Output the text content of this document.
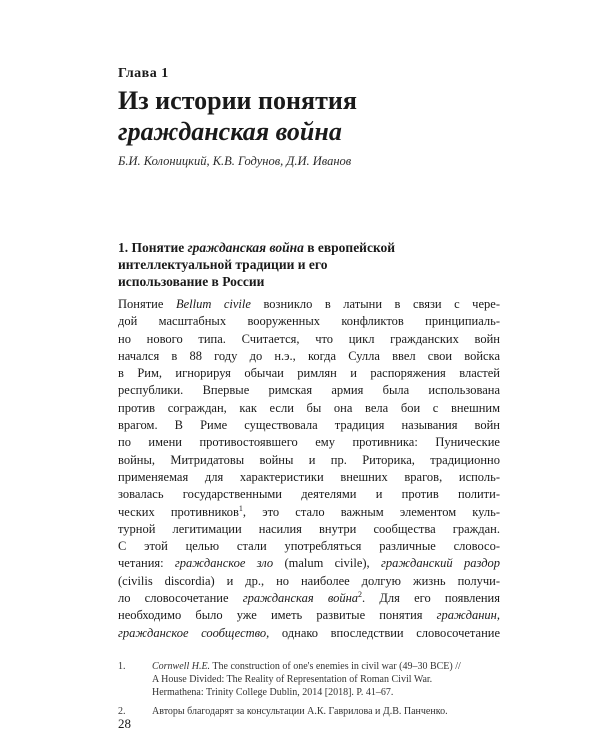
Глава 1
Из истории понятия
гражданская война
Б.И. Колоницкий, К.В. Годунов, Д.И. Иванов
1. Понятие гражданская война в европейской
интеллектуальной традиции и его
использование в России
Понятие Bellum civile возникло в латыни в связи с чере-
дой масштабных вооруженных конфликтов принципиаль-
но нового типа. Считается, что цикл гражданских войн
начался в 88 году до н.э., когда Сулла ввел свои войска
в Рим, игнорируя обычаи римлян и распоряжения властей
республики. Впервые римская армия была использована
против сограждан, как если бы она вела бои с внешним
врагом. В Риме существовала традиция называния войн
по имени противостоявшего ему противника: Пунические
войны, Митридатовы войны и пр. Риторика, традиционно
применяемая для характеристики внешних врагов, исполь-
зовалась государственными деятелями и против полити-
ческих противников$^1$, это стало важным элементом куль-
турной легитимации насилия внутри сообщества граждан.
С этой целью стали употребляться различные словосо-
четания: гражданское зло (malum civile), гражданский раздор
(civilis discordia) и др., но наиболее долгую жизнь получи-
ло словосочетание гражданская война$^2$. Для его появления
необходимо было уже иметь развитые понятия гражданин,
гражданское сообщество, однако впоследствии словосочетание
1.	Cornwell H.E. The construction of one's enemies in civil war (49–30 BCE) //
A House Divided: The Reality of Representation of Roman Civil War.
Hermathena: Trinity College Dublin, 2014 [2018]. P. 41–67.
2.	Авторы благодарят за консультации А.К. Гаврилова и Д.В. Панченко.
28
